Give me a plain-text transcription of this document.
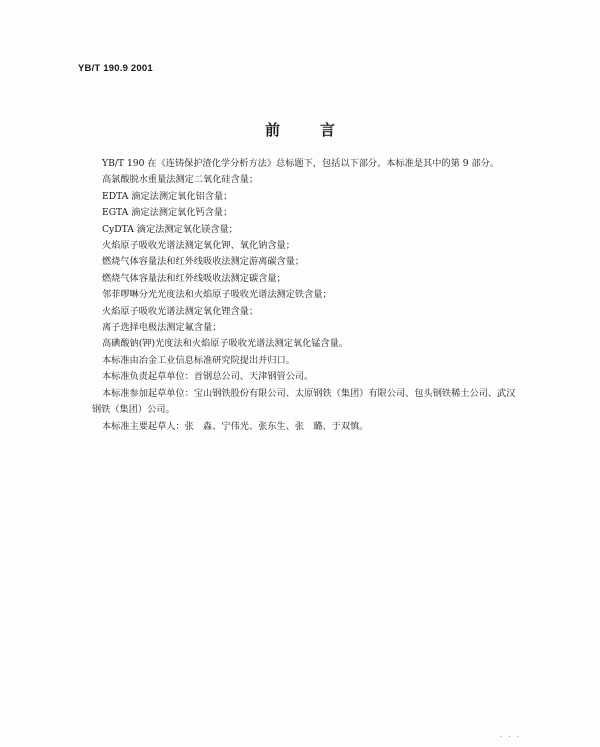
YB/T 190.9 2001
前言
YB/T 190 在《连铸保护渣化学分析方法》总标题下，包括以下部分。本标准是其中的第 9 部分。
高氯酸脱水重量法测定二氧化硅含量；
EDTA 滴定法测定氧化铝含量；
EGTA 滴定法测定氧化钙含量；
CyDTA 滴定法测定氧化镁含量；
火焰原子吸收光谱法测定氧化钾、氧化钠含量；
燃烧气体容量法和红外线吸收法测定游离碳含量；
燃烧气体容量法和红外线吸收法测定碳含量；
邻菲啰啉分光光度法和火焰原子吸收光谱法测定铁含量；
火焰原子吸收光谱法测定氧化锂含量；
离子选择电极法测定氟含量；
高碘酸钠(钾)光度法和火焰原子吸收光谱法测定氧化锰含量。
本标准由冶金工业信息标准研究院提出并归口。
本标准负责起草单位：首钢总公司、天津钢管公司。
本标准参加起草单位：宝山钢铁股份有限公司、太原钢铁（集团）有限公司、包头钢铁稀土公司、武汉
钢铁（集团）公司。
本标准主要起草人：张　淼、宁伟光、张东生、张　璐、于双慎。
· · ·
